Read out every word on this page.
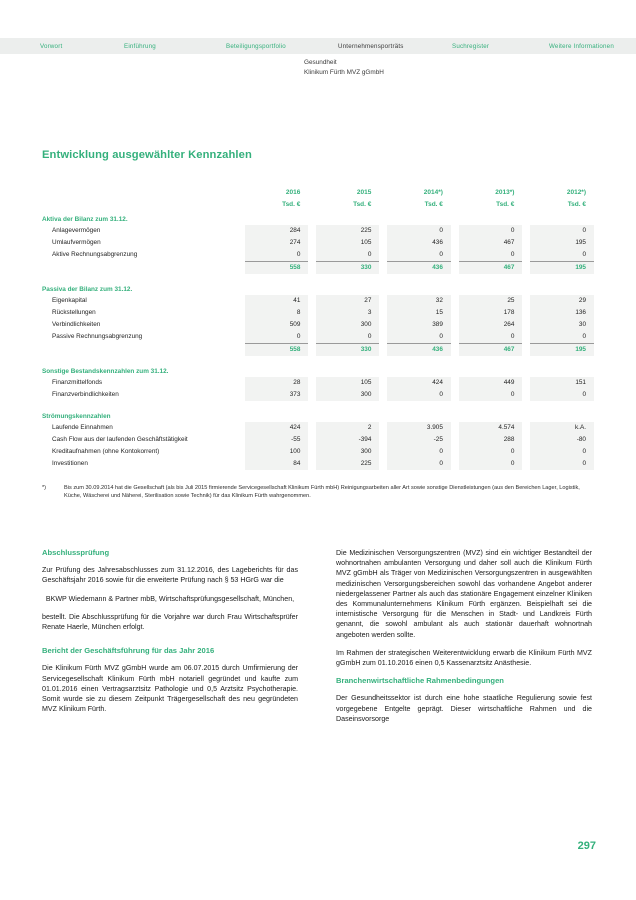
Vorwort	Einführung	Beteiligungsportfolio	Unternehmensporträts	Suchregister	Weitere Informationen
Gesundheit
Klinikum Fürth MVZ gGmbH
Entwicklung ausgewählter Kennzahlen
		2016		2015		2014*)		2013*)		2012*)
		Tsd. €		Tsd. €		Tsd. €		Tsd. €		Tsd. €
Aktiva der Bilanz zum 31.12.										
Anlagevermögen		284		225		0		0		0
Umlaufvermögen		274		105		436		467		195
Aktive Rechnungsabgrenzung		0		0		0		0		0
		558		330		436		467		195

Passiva der Bilanz zum 31.12.										
Eigenkapital		41		27		32		25		29
Rückstellungen		8		3		15		178		136
Verbindlichkeiten		509		300		389		264		30
Passive Rechnungsabgrenzung		0		0		0		0		0
		558		330		436		467		195

Sonstige Bestandskennzahlen zum 31.12.										
Finanzmittelfonds		28		105		424		449		151
Finanzverbindlichkeiten		373		300		0		0		0

Strömungskennzahlen										
Laufende Einnahmen		424		2		3.905		4.574		k.A.
Cash Flow aus der laufenden Geschäftstätigkeit		-55		-394		-25		288		-80
Kreditaufnahmen (ohne Kontokorrent)		100		300		0		0		0
Investitionen		84		225		0		0		0
*)	Bis zum 30.09.2014 hat die Gesellschaft (als bis Juli 2015 firmierende Servicegesellschaft Klinikum Fürth mbH) Reinigungsarbeiten aller Art sowie sonstige Dienstleistungen (aus den Bereichen Lager, Logistik, Küche, Wäscherei und Näherei, Sterilisation sowie Technik) für das Klinikum Fürth wahrgenommen.
Abschlussprüfung

Zur Prüfung des Jahresabschlusses zum 31.12.2016, des Lageberichts für das Geschäftsjahr 2016 sowie für die erweiterte Prüfung nach § 53 HGrG war die

BKWP Wiedemann & Partner mbB, Wirtschaftsprüfungsgesellschaft, München,

bestellt. Die Abschlussprüfung für die Vorjahre war durch Frau Wirtschaftsprüfer Renate Haerle, München erfolgt.

Bericht der Geschäftsführung für das Jahr 2016

Die Klinikum Fürth MVZ gGmbH wurde am 06.07.2015 durch Umfirmierung der Servicegesellschaft Klinikum Fürth mbH notariell gegründet und kaufte zum 01.01.2016 einen Vertragsarztsitz Pathologie und 0,5 Arztsitz Psychotherapie. Somit wurde sie zu diesem Zeitpunkt Trägergesellschaft des neu gegründeten MVZ Klinikum Fürth.

Die Medizinischen Versorgungszentren (MVZ) sind ein wichtiger Bestandteil der wohnortnahen ambulanten Versorgung und daher soll auch die Klinikum Fürth MVZ gGmbH als Träger von Medizinischen Versorgungszentren in ausgewählten medizinischen Versorgungsbereichen sowohl das vorhandene Angebot anderer niedergelassener Partner als auch das stationäre Engagement einzelner Kliniken des Kommunalunternehmens Klinikum Fürth ergänzen. Beispielhaft sei die internistische Versorgung für die Menschen in Stadt- und Landkreis Fürth genannt, die sowohl ambulant als auch stationär dauerhaft wohnortnah angeboten werden sollte.

Im Rahmen der strategischen Weiterentwicklung erwarb die Klinikum Fürth MVZ gGmbH zum 01.10.2016 einen 0,5 Kassenarztsitz Anästhesie.

Branchenwirtschaftliche Rahmenbedingungen

Der Gesundheitssektor ist durch eine hohe staatliche Regulierung sowie fest vorgegebene Entgelte geprägt. Dieser wirtschaftliche Rahmen und die Daseinsvorsorge

297
